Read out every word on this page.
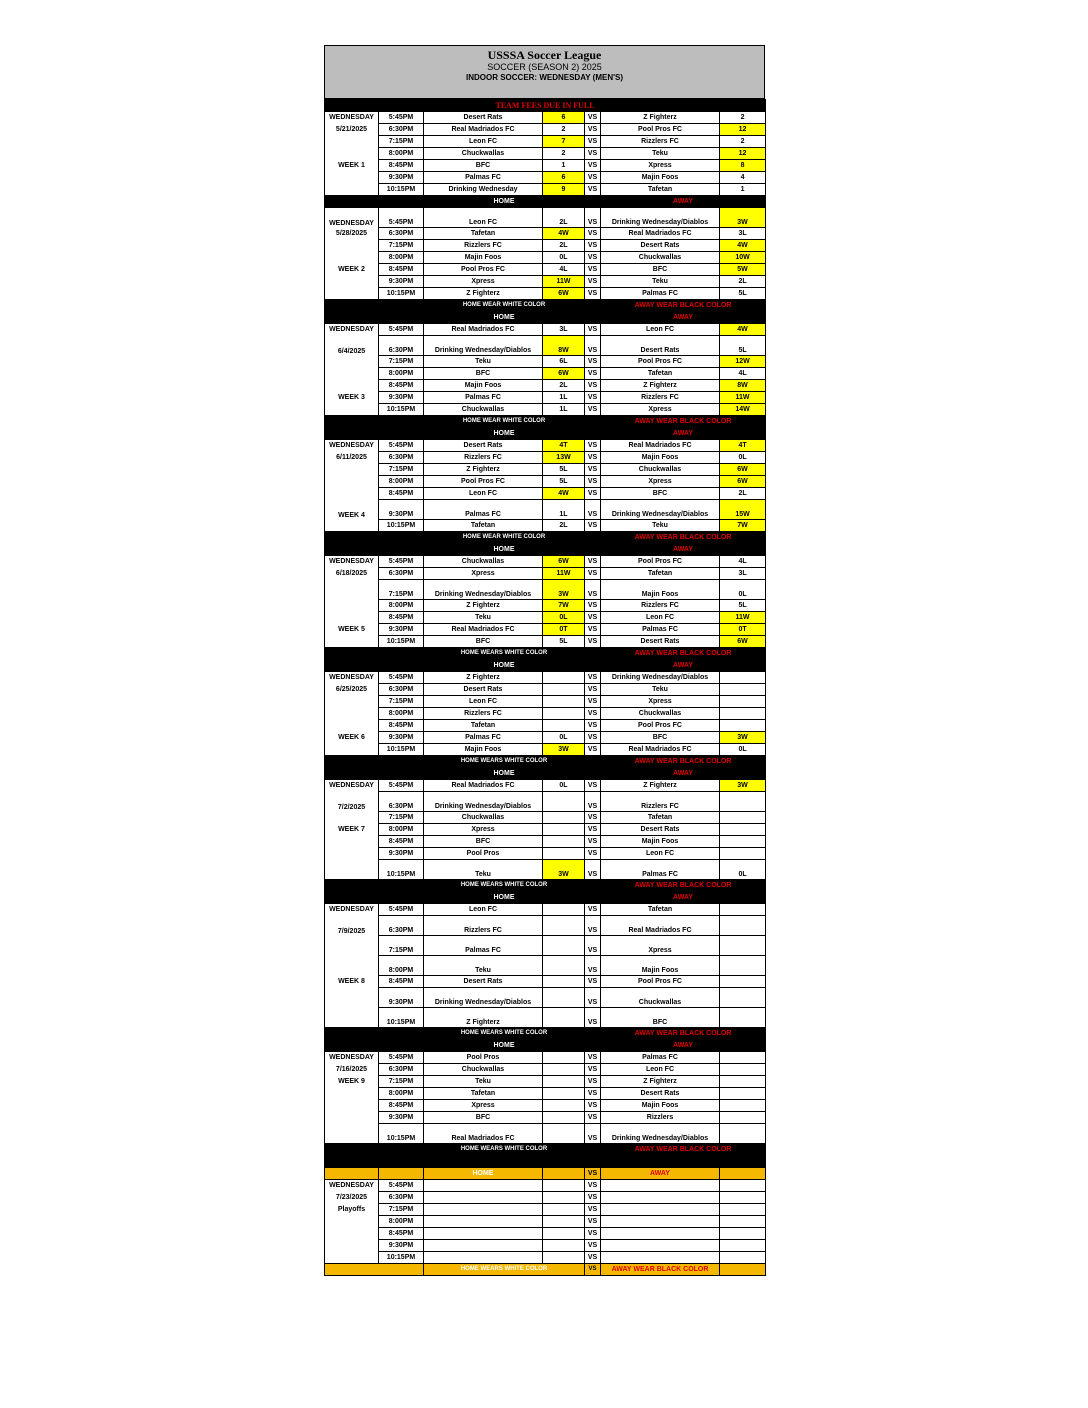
USSSA Soccer League
SOCCER (SEASON 2) 2025
INDOOR SOCCER: WEDNESDAY (MEN'S)
TEAM FEES DUE IN FULL						
WEDNESDAY	5:45PM	Desert Rats	6	VS	Z Fighterz	2
5/21/2025	6:30PM	Real Madriados FC	2	VS	Pool Pros FC	12
	7:15PM	Leon FC	7	VS	Rizzlers FC	2
	8:00PM	Chuckwallas	2	VS	Teku	12
WEEK 1	8:45PM	BFC	1	VS	Xpress	8
	9:30PM	Palmas FC	6	VS	Majin Foos	4
	10:15PM	Drinking Wednesday	9	VS	Tafetan	1
		HOME			AWAY	
WEDNESDAY	5:45PM	Leon FC	2L	VS	Drinking Wednesday/Diablos	3W
5/28/2025	6:30PM	Tafetan	4W	VS	Real Madriados FC	3L
	7:15PM	Rizzlers FC	2L	VS	Desert Rats	4W
	8:00PM	Majin Foos	0L	VS	Chuckwallas	10W
WEEK 2	8:45PM	Pool Pros FC	4L	VS	BFC	5W
	9:30PM	Xpress	11W	VS	Teku	2L
	10:15PM	Z Fighterz	6W	VS	Palmas FC	5L
		HOME WEAR WHITE COLOR			AWAY WEAR BLACK COLOR	
		HOME			AWAY	
WEDNESDAY	5:45PM	Real Madriados FC	3L	VS	Leon FC	4W
6/4/2025	6:30PM	Drinking Wednesday/Diablos	8W	VS	Desert Rats	5L
	7:15PM	Teku	6L	VS	Pool Pros FC	12W
	8:00PM	BFC	6W	VS	Tafetan	4L
	8:45PM	Majin Foos	2L	VS	Z Fighterz	8W
WEEK 3	9:30PM	Palmas FC	1L	VS	Rizzlers FC	11W
	10:15PM	Chuckwallas	1L	VS	Xpress	14W
		HOME WEAR WHITE COLOR			AWAY WEAR BLACK COLOR	
		HOME			AWAY	
WEDNESDAY	5:45PM	Desert Rats	4T	VS	Real Madriados FC	4T
6/11/2025	6:30PM	Rizzlers FC	13W	VS	Majin Foos	0L
	7:15PM	Z Fighterz	5L	VS	Chuckwallas	6W
	8:00PM	Pool Pros FC	5L	VS	Xpress	6W
	8:45PM	Leon FC	4W	VS	BFC	2L
WEEK 4	9:30PM	Palmas FC	1L	VS	Drinking Wednesday/Diablos	15W
	10:15PM	Tafetan	2L	VS	Teku	7W
		HOME WEAR WHITE COLOR			AWAY WEAR BLACK COLOR	
		HOME			AWAY	
WEDNESDAY	5:45PM	Chuckwallas	6W	VS	Pool Pros FC	4L
6/18/2025	6:30PM	Xpress	11W	VS	Tafetan	3L
	7:15PM	Drinking Wednesday/Diablos	3W	VS	Majin Foos	0L
	8:00PM	Z Fighterz	7W	VS	Rizzlers FC	5L
	8:45PM	Teku	0L	VS	Leon FC	11W
WEEK 5	9:30PM	Real Madriados FC	0T	VS	Palmas FC	0T
	10:15PM	BFC	5L	VS	Desert Rats	6W
		HOME WEARS WHITE COLOR			AWAY WEAR BLACK COLOR	
		HOME			AWAY	
WEDNESDAY	5:45PM	Z Fighterz		VS	Drinking Wednesday/Diablos	
6/25/2025	6:30PM	Desert Rats		VS	Teku	
	7:15PM	Leon FC		VS	Xpress	
	8:00PM	Rizzlers FC		VS	Chuckwallas	
	8:45PM	Tafetan		VS	Pool Pros FC	
WEEK 6	9:30PM	Palmas FC	0L	VS	BFC	3W
	10:15PM	Majin Foos	3W	VS	Real Madriados FC	0L
		HOME WEARS WHITE COLOR			AWAY WEAR BLACK COLOR	
		HOME			AWAY	
WEDNESDAY	5:45PM	Real Madriados FC	0L	VS	Z Fighterz	3W
7/2/2025	6:30PM	Drinking Wednesday/Diablos		VS	Rizzlers FC	
	7:15PM	Chuckwallas		VS	Tafetan	
WEEK 7	8:00PM	Xpress		VS	Desert Rats	
	8:45PM	BFC		VS	Majin Foos	
	9:30PM	Pool Pros		VS	Leon FC	
	10:15PM	Teku	3W	VS	Palmas FC	0L
		HOME WEARS WHITE COLOR			AWAY WEAR BLACK COLOR	
		HOME			AWAY	
WEDNESDAY	5:45PM	Leon FC		VS	Tafetan	
7/9/2025	6:30PM	Rizzlers FC		VS	Real Madriados FC	
	7:15PM	Palmas FC		VS	Xpress	
	8:00PM	Teku		VS	Majin Foos	
WEEK 8	8:45PM	Desert Rats		VS	Pool Pros FC	
	9:30PM	Drinking Wednesday/Diablos		VS	Chuckwallas	
	10:15PM	Z Fighterz		VS	BFC	
		HOME WEARS WHITE COLOR			AWAY WEAR BLACK COLOR	
		HOME			AWAY	
WEDNESDAY	5:45PM	Pool Pros		VS	Palmas FC	
7/16/2025	6:30PM	Chuckwallas		VS	Leon FC	
WEEK 9	7:15PM	Teku		VS	Z Fighterz	
	8:00PM	Tafetan		VS	Desert Rats	
	8:45PM	Xpress		VS	Majin Foos	
	9:30PM	BFC		VS	Rizzlers	
	10:15PM	Real Madriados FC		VS	Drinking Wednesday/Diablos	
		HOME WEARS WHITE COLOR			AWAY WEAR BLACK COLOR	

		HOME		VS	AWAY	
WEDNESDAY	5:45PM			VS		
7/23/2025	6:30PM			VS		
Playoffs	7:15PM			VS		
	8:00PM			VS		
	8:45PM			VS		
	9:30PM			VS		
	10:15PM			VS		
		HOME WEARS WHITE COLOR		VS	AWAY WEAR BLACK COLOR	
